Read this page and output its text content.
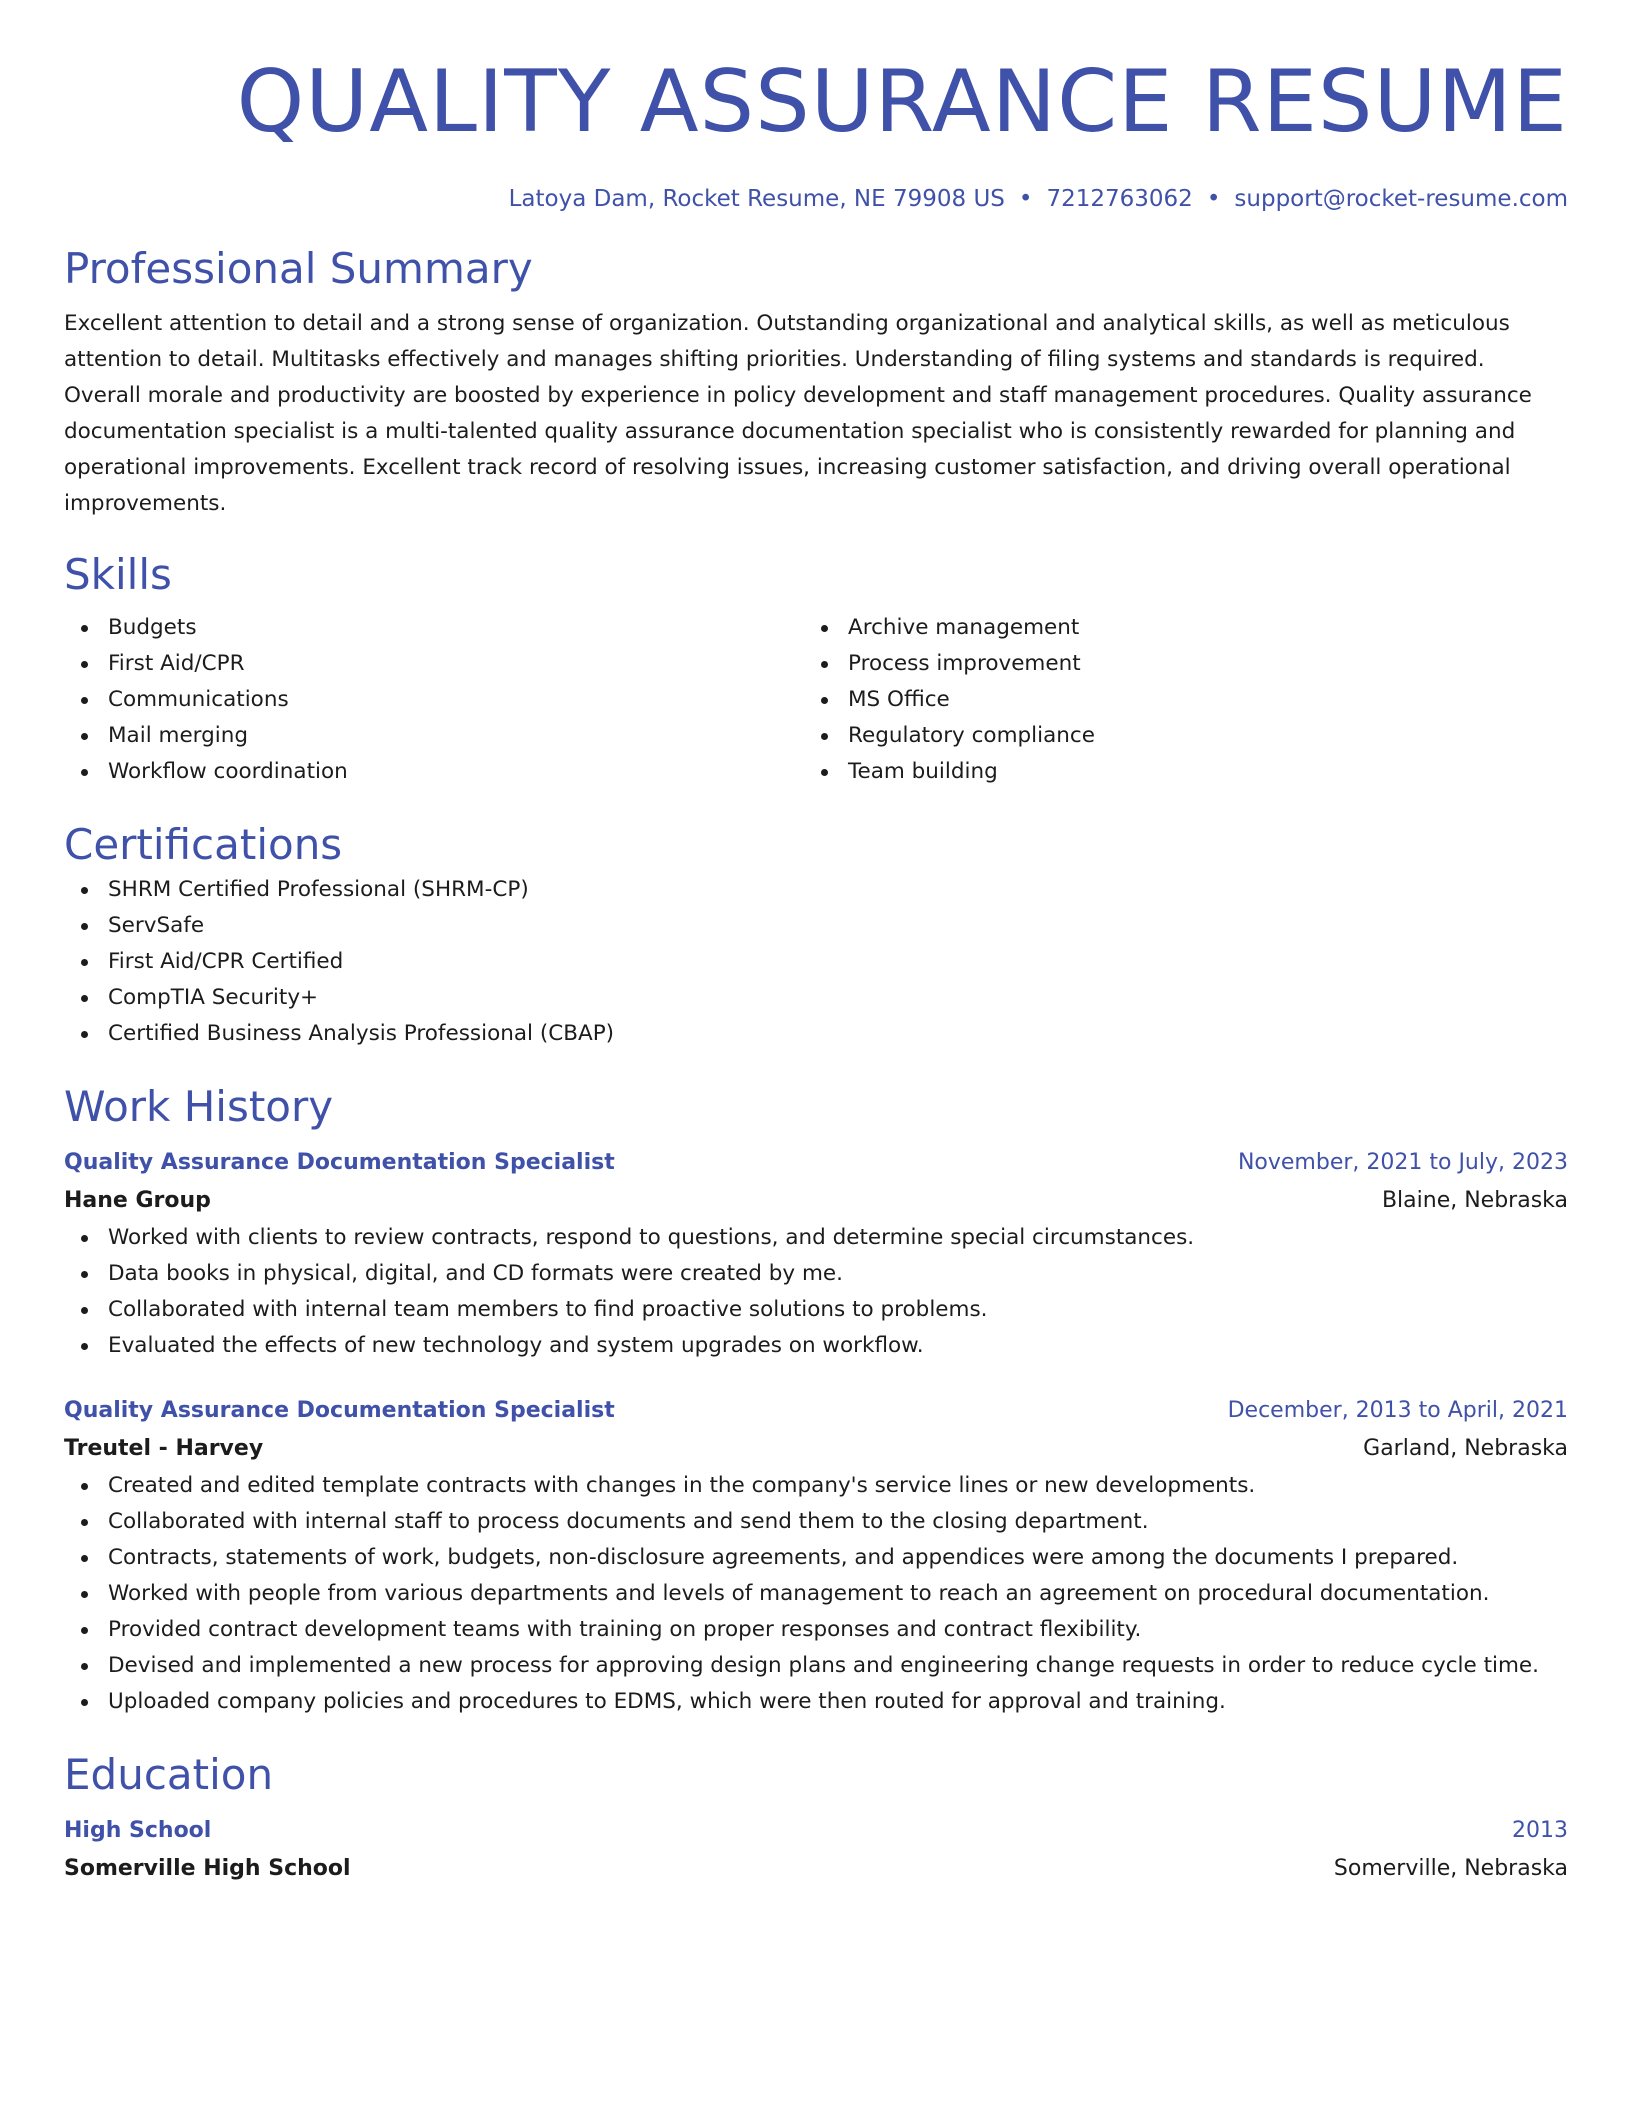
QUALITY ASSURANCE RESUME
Latoya Dam, Rocket Resume, NE 79908 US • 7212763062 • support@rocket-resume.com
Professional Summary

Excellent attention to detail and a strong sense of organization. Outstanding organizational and analytical skills, as well as meticulous attention to detail. Multitasks effectively and manages shifting priorities. Understanding of filing systems and standards is required. Overall morale and productivity are boosted by experience in policy development and staff management procedures. Quality assurance documentation specialist is a multi-talented quality assurance documentation specialist who is consistently rewarded for planning and operational improvements. Excellent track record of resolving issues, increasing customer satisfaction, and driving overall operational improvements.

Skills
Budgets
First Aid/CPR
Communications
Mail merging
Workflow coordination
Archive management
Process improvement
MS Office
Regulatory compliance
Team building
Certifications
SHRM Certified Professional (SHRM-CP)
ServSafe
First Aid/CPR Certified
CompTIA Security+
Certified Business Analysis Professional (CBAP)
Work History
Quality Assurance Documentation Specialist	November, 2021 to July, 2023
Hane Group	Blaine, Nebraska
Worked with clients to review contracts, respond to questions, and determine special circumstances.
Data books in physical, digital, and CD formats were created by me.
Collaborated with internal team members to find proactive solutions to problems.
Evaluated the effects of new technology and system upgrades on workflow.
Quality Assurance Documentation Specialist	December, 2013 to April, 2021
Treutel - Harvey	Garland, Nebraska
Created and edited template contracts with changes in the company's service lines or new developments.
Collaborated with internal staff to process documents and send them to the closing department.
Contracts, statements of work, budgets, non-disclosure agreements, and appendices were among the documents I prepared.
Worked with people from various departments and levels of management to reach an agreement on procedural documentation.
Provided contract development teams with training on proper responses and contract flexibility.
Devised and implemented a new process for approving design plans and engineering change requests in order to reduce cycle time.
Uploaded company policies and procedures to EDMS, which were then routed for approval and training.
Education
High School	2013
Somerville High School	Somerville, Nebraska
